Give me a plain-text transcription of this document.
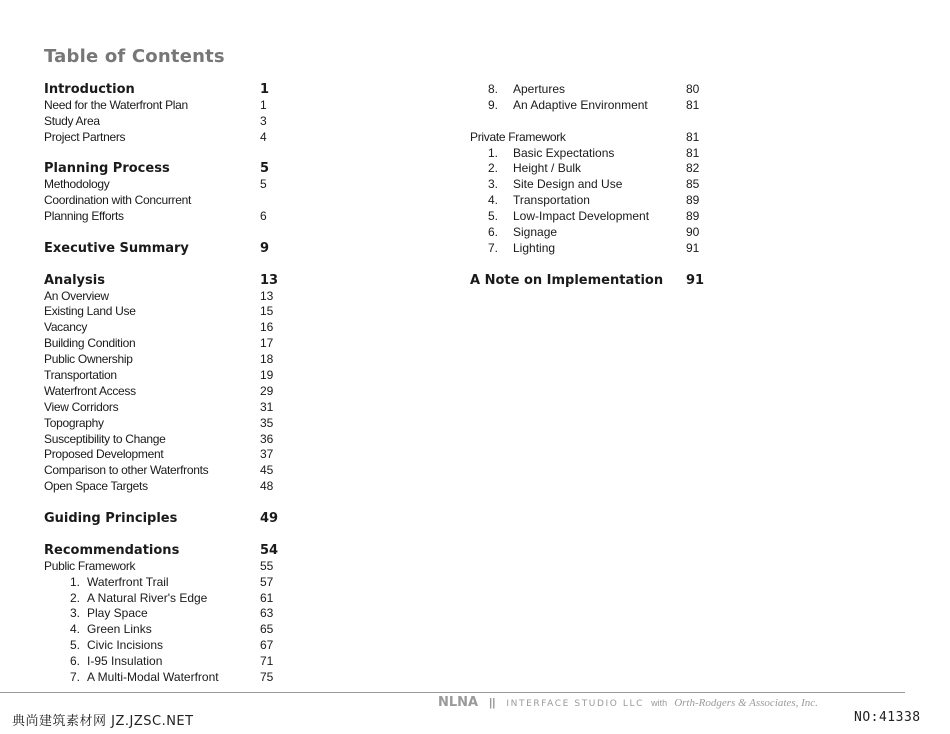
Table of Contents
Introduction	1
Need for the Waterfront Plan	1
Study Area	3
Project Partners	4
Planning Process	5
Methodology	5
Coordination with Concurrent
Planning Efforts	6
Executive Summary	9
Analysis	13
An Overview	13
Existing Land Use	15
Vacancy	16
Building Condition	17
Public Ownership	18
Transportation	19
Waterfront Access	29
View Corridors	31
Topography	35
Susceptibility to Change	36
Proposed Development	37
Comparison to other Waterfronts	45
Open Space Targets	48
Guiding Principles	49
Recommendations	54
Public Framework	55
1. Waterfront Trail	57
2. A Natural River's Edge	61
3. Play Space	63
4. Green Links	65
5. Civic Incisions	67
6. I-95 Insulation	71
7. A Multi-Modal Waterfront	75
8. Apertures	80
9. An Adaptive Environment	81
Private Framework	81
1. Basic Expectations	81
2. Height / Bulk	82
3. Site Design and Use	85
4. Transportation	89
5. Low-Impact Development	89
6. Signage	90
7. Lighting	91
A Note on Implementation 91
NLNA || INTERFACE STUDIO LLC with Orth-Rodgers & Associates, Inc.
典尚建筑素材网 JZ.JZSC.NET	NO:41338
